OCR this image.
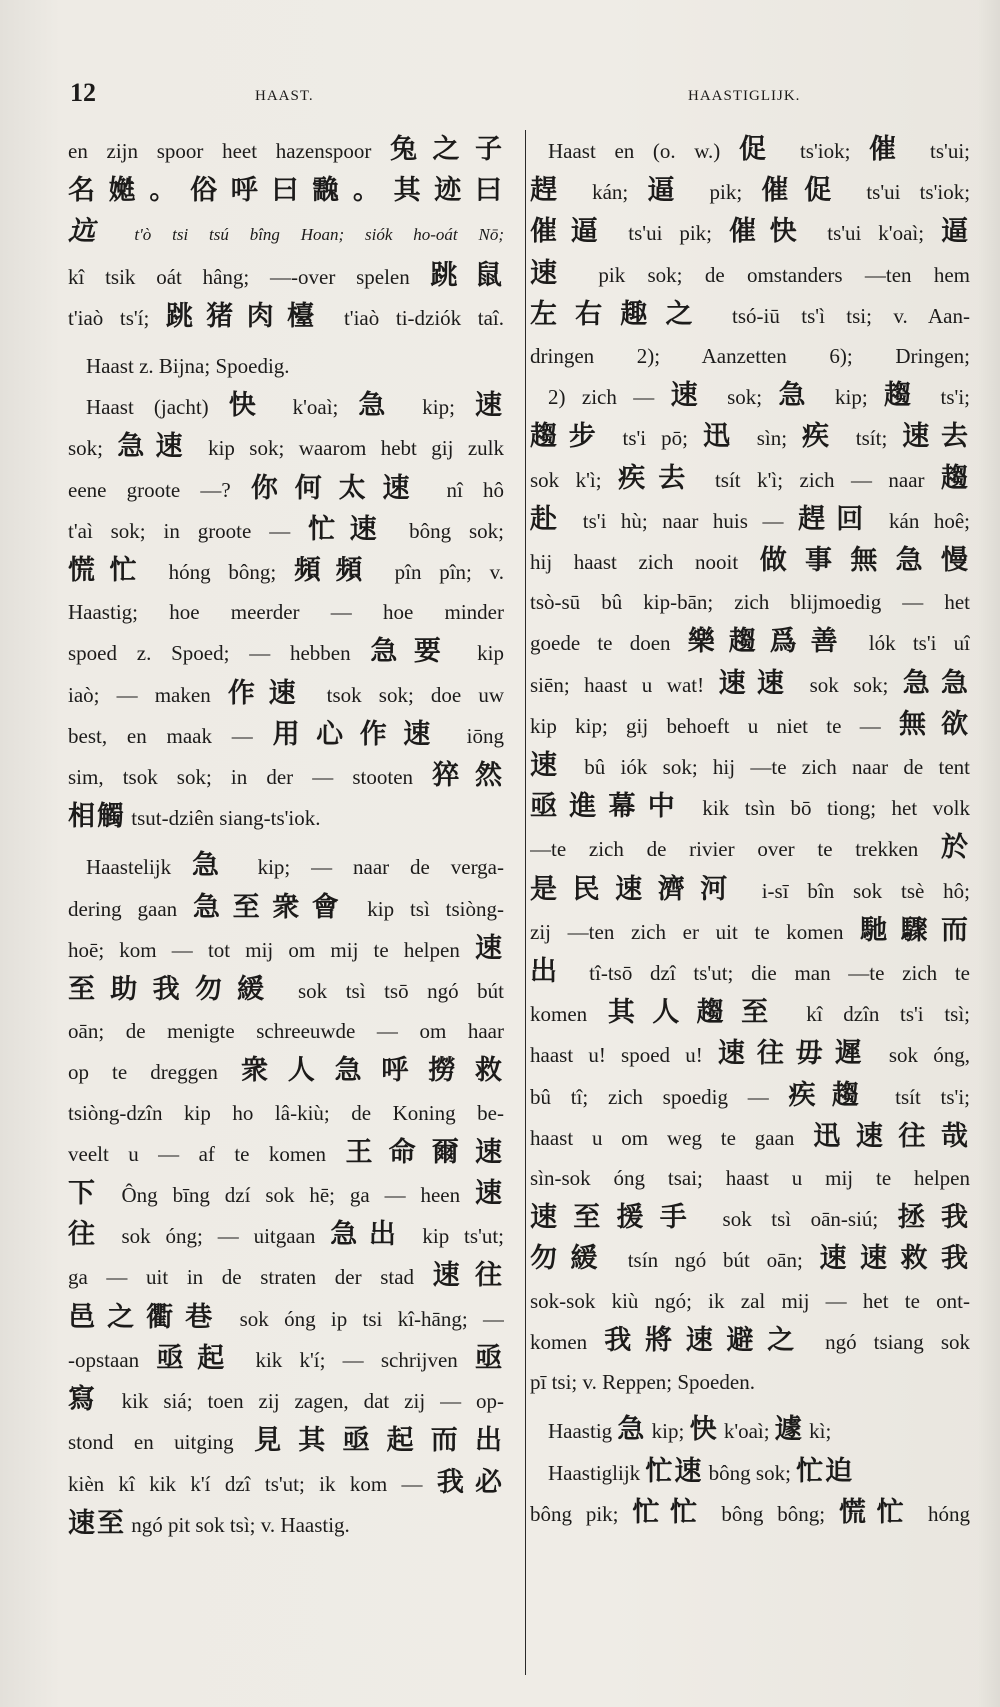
12	HAAST.	HAASTIGLIJK.
en zijn spoor heet hazenspoor 兔之子
名嬔。俗呼曰䨲。其迹曰
迒 t'ò tsi tsú bîng Hoan; siók ho-oát Nō;
kî tsik oát hâng; —-over spelen 跳鼠
t'iaò ts'í; 跳猪肉檯 t'iaò ti-dziók taî.
Haast z. Bijna; Spoedig.
Haast (jacht) 快 k'oaì; 急 kip; 速
sok; 急速 kip sok; waarom hebt gij zulk
eene groote —? 你何太速 nî hô
t'aì sok; in groote — 忙速 bông sok;
慌忙 hóng bông; 頻頻 pîn pîn; v.
Haastig; hoe meerder — hoe minder
spoed z. Spoed; — hebben 急要 kip
iaò; — maken 作速 tsok sok; doe uw
best, en maak — 用心作速 iōng
sim, tsok sok; in der — stooten 猝然
相觸 tsut-dziên siang-ts'iok.
Haastelijk 急 kip; — naar de verga-
dering gaan 急至衆會 kip tsì tsiòng-
hoē; kom — tot mij om mij te helpen 速
至助我勿緩 sok tsì tsō ngó bút
oān; de menigte schreeuwde — om haar
op te dreggen 衆人急呼撈救
tsiòng-dzîn kip ho lâ-kiù; de Koning be-
veelt u — af te komen 王命爾速
下 Ông bīng dzí sok hē; ga — heen 速
往 sok óng; — uitgaan 急出 kip ts'ut;
ga — uit in de straten der stad 速往
邑之衢巷 sok óng ip tsi kî-hāng; —
-opstaan 亟起 kik k'í; — schrijven 亟
寫 kik siá; toen zij zagen, dat zij — op-
stond en uitging 見其亟起而出
kièn kî kik k'í dzî ts'ut; ik kom — 我必
速至 ngó pit sok tsì; v. Haastig.
Haast en (o. w.) 促 ts'iok; 催 ts'ui;
趕 kán; 逼 pik; 催促 ts'ui ts'iok;
催逼 ts'ui pik; 催快 ts'ui k'oaì; 逼
速 pik sok; de omstanders —ten hem
左右趣之 tsó-iū ts'ì tsi; v. Aan-
dringen 2); Aanzetten 6); Dringen;
2) zich — 速 sok; 急 kip; 趨 ts'i;
趨步 ts'i pō; 迅 sìn; 疾 tsít; 速去
sok k'ì; 疾去 tsít k'ì; zich — naar 趨
赴 ts'i hù; naar huis — 趕回 kán hoê;
hij haast zich nooit 做事無急慢
tsò-sū bû kip-bān; zich blijmoedig — het
goede te doen 樂趨爲善 lók ts'i uî
siēn; haast u wat! 速速 sok sok; 急急
kip kip; gij behoeft u niet te — 無欲
速 bû iók sok; hij —te zich naar de tent
亟進幕中 kik tsìn bō tiong; het volk
—te zich de rivier over te trekken 於
是民速濟河 i-sī bîn sok tsè hô;
zij —ten zich er uit te komen 馳驟而
出 tî-tsō dzî ts'ut; die man —te zich te
komen 其人趨至 kî dzîn ts'i tsì;
haast u! spoed u! 速往毋遲 sok óng,
bû tî; zich spoedig — 疾趨 tsít ts'i;
haast u om weg te gaan 迅速往哉
sìn-sok óng tsai; haast u mij te helpen
速至援手 sok tsì oān-siú; 拯我
勿緩 tsín ngó bút oān; 速速救我
sok-sok kiù ngó; ik zal mij — het te ont-
komen 我將速避之 ngó tsiang sok
pī tsi; v. Reppen; Spoeden.
Haastig 急 kip; 快 k'oaì; 遽 kì;
Haastiglijk 忙速 bông sok; 忙迫
bông pik; 忙忙 bông bông; 慌忙 hóng
